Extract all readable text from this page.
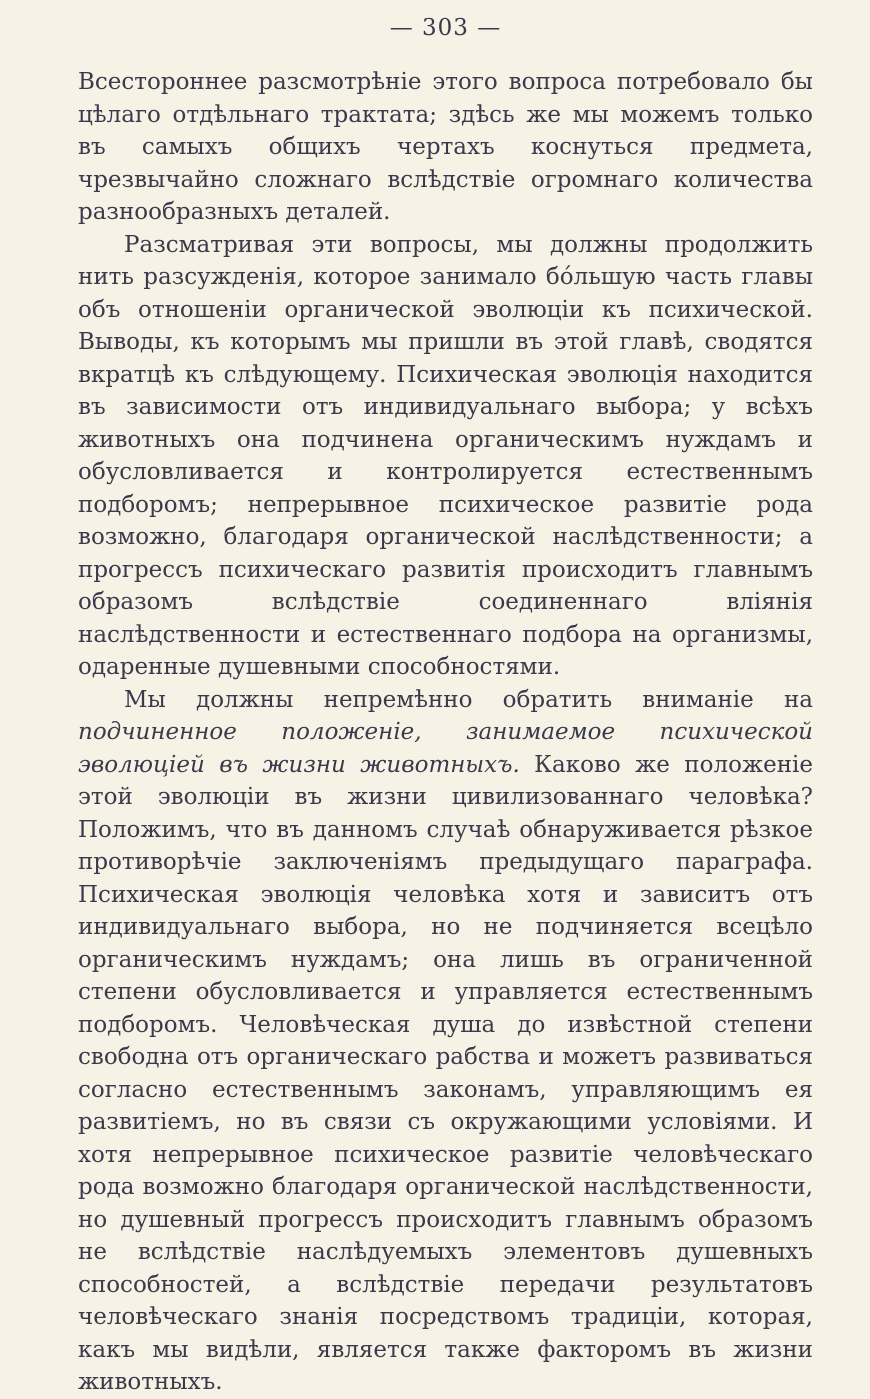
— 303 —

Всестороннее разсмотрѣніе этого вопроса потребовало бы цѣлаго отдѣльнаго трактата; здѣсь же мы можемъ только въ самыхъ общихъ чертахъ коснуться предмета, чрезвычайно сложнаго вслѣдствіе огромнаго количества разнообразныхъ деталей.

Разсматривая эти вопросы, мы должны продолжить нить разсужденія, которое занимало бóльшую часть главы объ отношеніи органической эволюціи къ психической. Выводы, къ которымъ мы пришли въ этой главѣ, сводятся вкратцѣ къ слѣдующему. Психическая эволюція находится въ зависимости отъ индивидуальнаго выбора; у всѣхъ животныхъ она подчинена органическимъ нуждамъ и обусловливается и контролируется естественнымъ подборомъ; непрерывное психическое развитіе рода возможно, благодаря органической наслѣдственности; а прогрессъ психическаго развитія происходитъ главнымъ образомъ вслѣдствіе соединеннаго вліянія наслѣдственности и естественнаго подбора на организмы, одаренные душевными способностями.

Мы должны непремѣнно обратить вниманіе на подчиненное положеніе, занимаемое психической эволюціей въ жизни животныхъ. Каково же положеніе этой эволюціи въ жизни цивилизованнаго человѣка? Положимъ, что въ данномъ случаѣ обнаруживается рѣзкое противорѣчіе заключеніямъ предыдущаго параграфа. Психическая эволюція человѣка хотя и зависитъ отъ индивидуальнаго выбора, но не подчиняется всецѣло органическимъ нуждамъ; она лишь въ ограниченной степени обусловливается и управляется естественнымъ подборомъ. Человѣческая душа до извѣстной степени свободна отъ органическаго рабства и можетъ развиваться согласно естественнымъ законамъ, управляющимъ ея развитіемъ, но въ связи съ окружающими условіями. И хотя непрерывное психическое развитіе человѣческаго рода возможно благодаря органической наслѣдственности, но душевный прогрессъ происходитъ главнымъ образомъ не вслѣдствіе наслѣдуемыхъ элементовъ душевныхъ способностей, а вслѣдствіе передачи результатовъ человѣческаго знанія посредствомъ традиціи, которая, какъ мы видѣли, является также факторомъ въ жизни животныхъ.
